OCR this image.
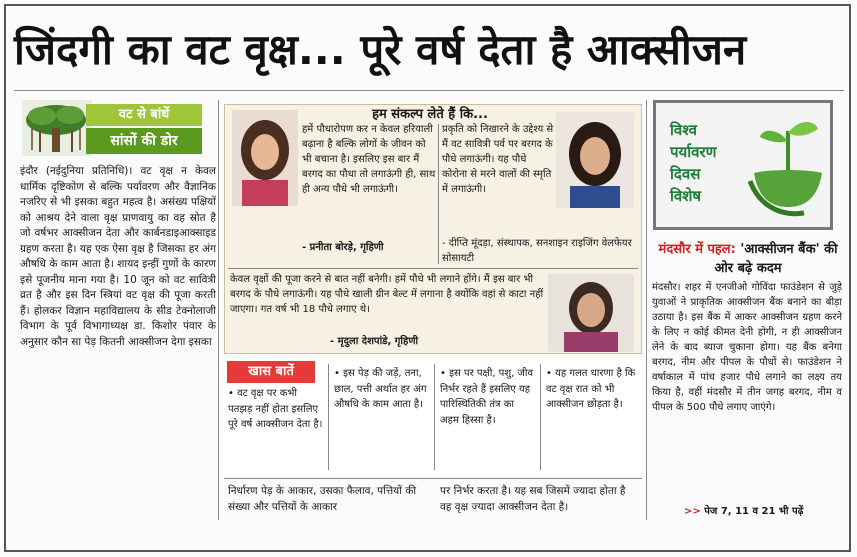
जिंदगी का वट वृक्ष... पूरे वर्ष देता है आक्सीजन
वट से बांधें
सांसों की डोर
इंदौर (नईदुनिया प्रतिनिधि)। वट वृक्ष न केवल धार्मिक दृष्टिकोण से बल्कि पर्यावरण और वैज्ञानिक नजरिए से भी इसका बहुत महत्व है। असंख्य पक्षियों को आश्रय देने वाला वृक्ष प्राणवायु का वह स्रोत है जो वर्षभर आक्सीजन देता और कार्बनडाइआक्साइड ग्रहण करता है। यह एक ऐसा वृक्ष है जिसका हर अंग औषधि के काम आता है। शायद इन्हीं गुणों के कारण इसे पूजनीय माना गया है। 10 जून को वट सावित्री व्रत है और इस दिन स्त्रियां वट वृक्ष की पूजा करती हैं। होलकर विज्ञान महाविद्यालय के सीड टेक्नोलाजी विभाग के पूर्व विभागाध्यक्ष डा. किशोर पंवार के अनुसार कौन सा पेड़ कितनी आक्सीजन देगा इसका
हम संकल्प लेते हैं कि...
हमें पौधारोपण कर न केवल हरियाली बढ़ाना है बल्कि लोगों के जीवन को भी बचाना है। इसलिए इस बार मैं बरगद का पौधा तो लगाऊंगी ही, साथ ही अन्य पौधे भी लगाऊंगी।
- प्रनीता बोरड़े, गृहिणी
प्रकृति को निखारने के उद्देश्य से मैं वट सावित्री पर्व पर बरगद के पौधे लगाऊंगी। यह पौधे कोरोना से मरने वालों की स्मृति में लगाऊंगी।
- दीप्ति मूंदड़ा, संस्थापक, सनशाइन राइजिंग वेलफेयर सोसायटी
केवल वृक्षों की पूजा करने से बात नहीं बनेगी। हमें पौधे भी लगाने होंगे। मैं इस बार भी बरगद के पौधे लगाऊंगी। यह पौधे खाली ग्रीन बेल्ट में लगाना है क्योंकि वहां से काटा नहीं जाएगा। गत वर्ष भी 18 पौधे लगाए थे।
- मृदुला देशपांडे, गृहिणी
खास बातें
• वट वृक्ष पर कभी पतझड़ नहीं होता इसलिए पूरे वर्ष आक्सीजन देता है।
• इस पेड़ की जड़ें, तना, छाल, पत्ती अर्थात हर अंग औषधि के काम आता है।
• इस पर पक्षी, पशु, जीव निर्भर रहते हैं इसलिए यह पारिस्थितिकी तंत्र का अहम हिस्सा है।
• यह गलत धारणा है कि वट वृक्ष रात को भी आक्सीजन छोड़ता है।
निर्धारण पेड़ के आकार, उसका फैलाव, पत्तियों की संख्या और पत्तियों के आकार
पर निर्भर करता है। यह सब जिसमें ज्यादा होता है वह वृक्ष ज्यादा आक्सीजन देता है।
विश्व
पर्यावरण
दिवस
विशेष
मंदसौर में पहल: 'आक्सीजन बैंक' की ओर बढ़े कदम
मंदसौर। शहर में एनजीओ गोविंदा फाउंडेशन से जुड़े युवाओं ने प्राकृतिक आक्सीजन बैंक बनाने का बीड़ा उठाया है। इस बैंक में आकर आक्सीजन ग्रहण करने के लिए न कोई कीमत देनी होगी, न ही आक्सीजन लेने के बाद ब्याज चुकाना होगा। यह बैंक बनेगा बरगद, नीम और पीपल के पौधों से। फाउंडेशन ने वर्षाकाल में पांच हजार पौधे लगाने का लक्ष्य तय किया है, वहीं मंदसौर में तीन जगह बरगद, नीम व पीपल के 500 पौधे लगाए जाएंगे।
>> पेज 7, 11 व 21 भी पढ़ें
